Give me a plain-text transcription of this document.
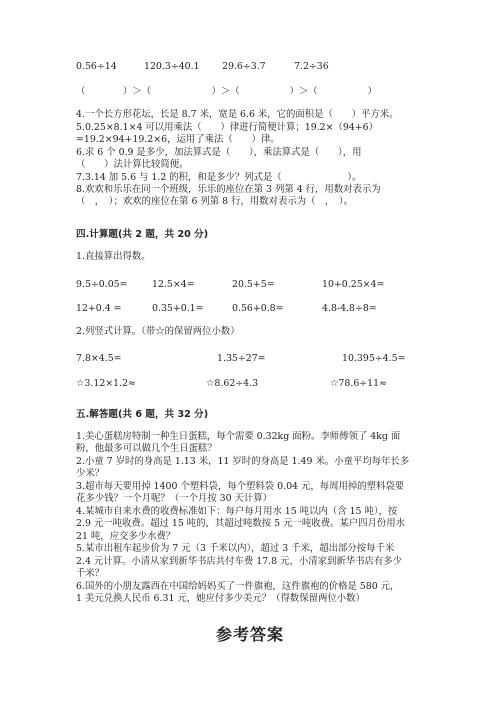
0.56÷14	120.3÷40.1 29.6÷3.7	7.2÷36
（　　　　）＞（ 　　　　）＞（ 　　　　）＞（ 　　　　）
4.一个长方形花坛，长是 8.7 米，宽是 6.6 米，它的面积是（　　）平方米。
5.0.25×8.1×4 可以用乘法（　　）律进行简便计算；19.2×（94+6）
=19.2×94+19.2×6，运用了乘法（　　）律。
6.求 6 个 0.9 是多少，加法算式是（　　），乘法算式是（　　），用
（　　）法计算比较简便。
7.3.14 加 5.6 与 1.2 的积，和是多少？列式是（　　　　　　　）。
8.欢欢和乐乐在同一个班级，乐乐的座位在第 3 列第 4 行，用数对表示为
（　，　）；欢欢的座位在第 6 列第 8 行，用数对表示为（　，　）。
四.计算题(共 2 题，共 20 分)
1.直接算出得数。
9.5÷0.05=	12.5×4=	20.5+5=	10+0.25×4=
12+0.4 =	0.35+0.1=	0.56+0.8=	4.8-4.8÷8=
2.列竖式计算。（带☆的保留两位小数）
7.8×4.5=	1.35÷27=	10.395÷4.5=
☆3.12×1.2≈	☆8.62÷4.3	☆78.6÷11≈
五.解答题(共 6 题，共 32 分)
1.美心蛋糕房特制一种生日蛋糕，每个需要 0.32kg 面粉。李师傅领了 4kg 面
粉，他最多可以做几个生日蛋糕？
2.小童 7 岁时的身高是 1.13 米，11 岁时的身高是 1.49 米。小童平均每年长多
少米？
3.超市每天要用掉 1400 个塑料袋，每个塑料袋 0.04 元，每周用掉的塑料袋要
花多少钱？一个月呢？（一个月按 30 天计算）
4.某城市自来水费的收费标准如下：每户每月用水 15 吨以内（含 15 吨），按
2.9 元一吨收费。超过 15 吨的，其超过吨数按 5 元一吨收费。某户四月份用水
21 吨，应交多少水费？
5.某市出租车起步价为 7 元（3 千米以内），超过 3 千米，超出部分按每千米
2.4 元计算。小清从家到新华书店共付车费 17.8 元，小清家到新华书店有多少
千米？
6.国外的小朋友露西在中国给妈妈买了一件旗袍，这件旗袍的价格是 580 元，
1 美元兑换人民币 6.31 元，她应付多少美元？（得数保留两位小数）
参考答案
